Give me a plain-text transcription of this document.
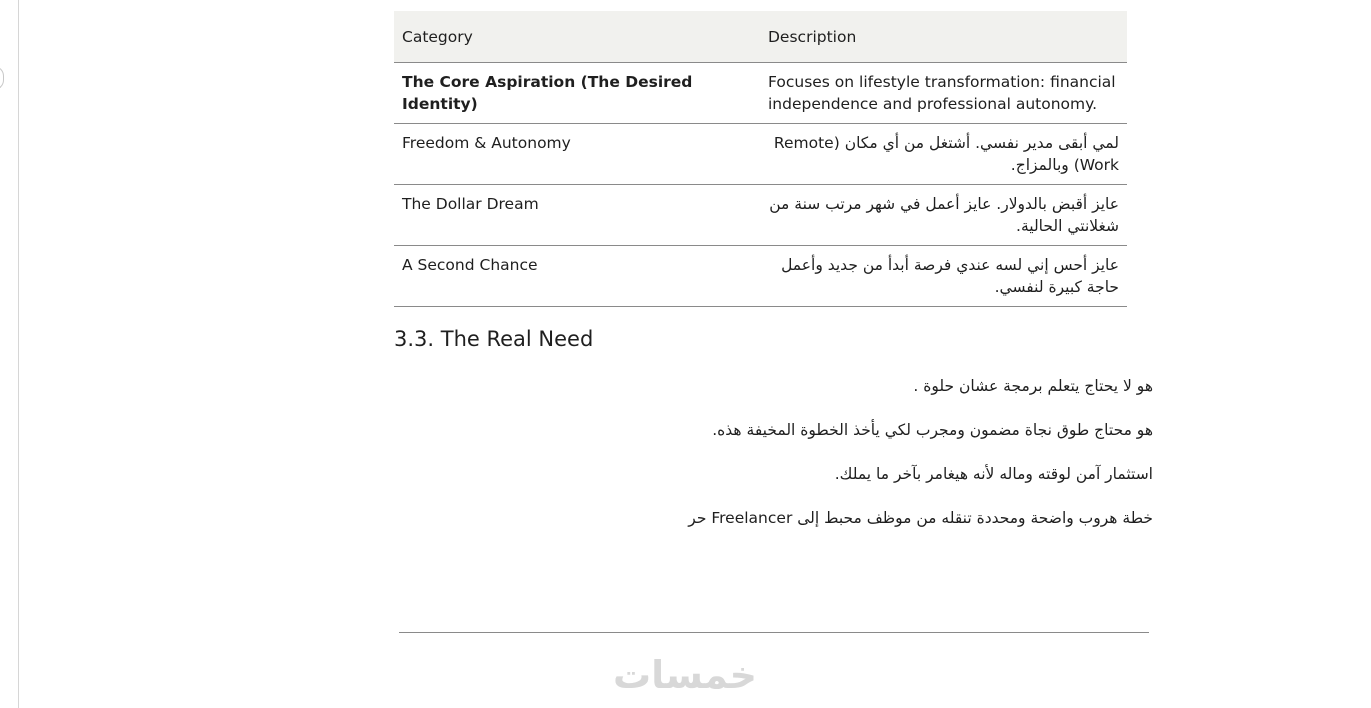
Category	Description
The Core Aspiration (The Desired Identity)	Focuses on lifestyle transformation: financial independence and professional autonomy.
Freedom & Autonomy	لمي أبقى مدير نفسي. أشتغل من أي مكان (Remote Work) وبالمزاج.
The Dollar Dream	عايز أقبض بالدولار. عايز أعمل في شهر مرتب سنة من شغلانتي الحالية.
A Second Chance	عايز أحس إني لسه عندي فرصة أبدأ من جديد وأعمل حاجة كبيرة لنفسي.
3.3. The Real Need
هو لا يحتاج يتعلم برمجة عشان حلوة .
هو محتاج طوق نجاة مضمون ومجرب لكي يأخذ الخطوة المخيفة هذه.
استثمار آمن لوقته وماله لأنه هيغامر بآخر ما يملك.
خطة هروب واضحة ومحددة تنقله من موظف محبط إلى Freelancer حر
خمسات
